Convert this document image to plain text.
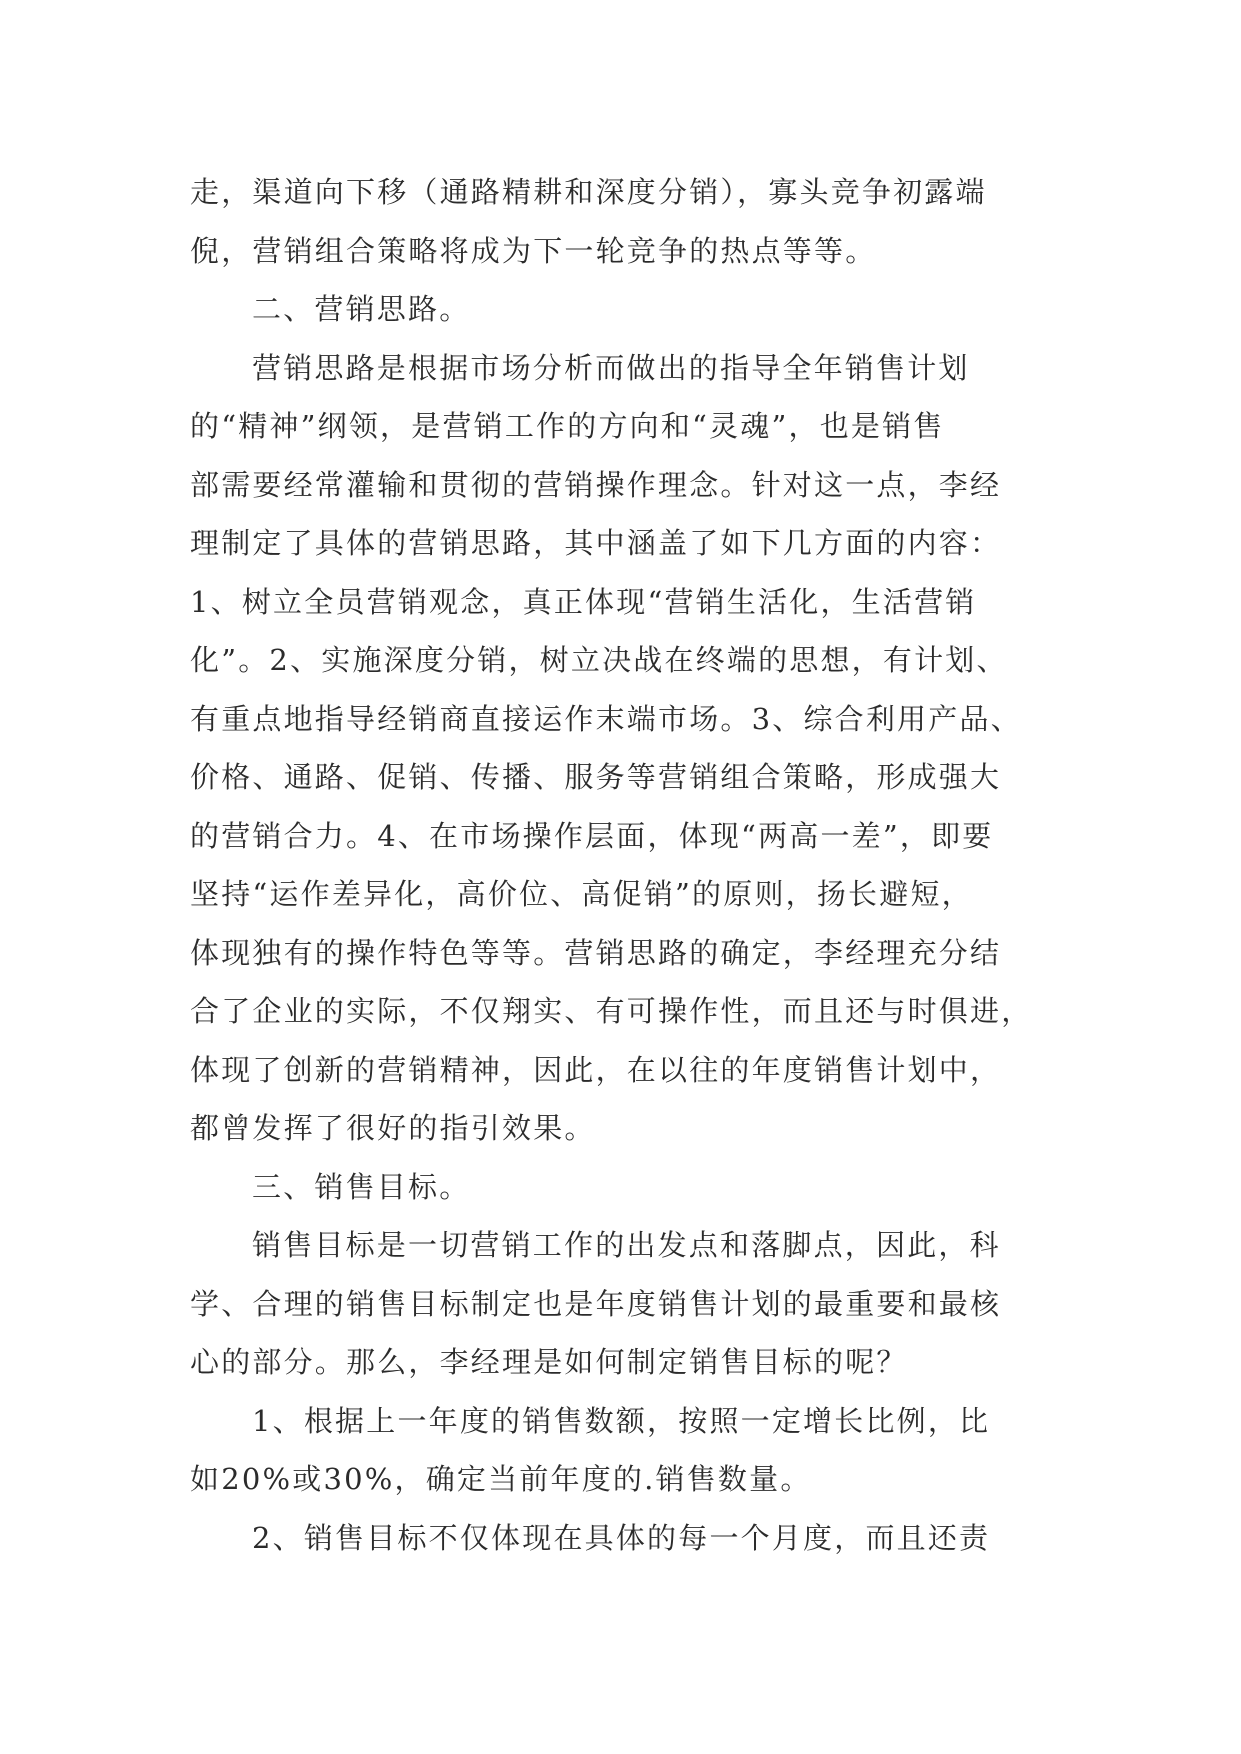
走，渠道向下移（通路精耕和深度分销），寡头竞争初露端
倪，营销组合策略将成为下一轮竞争的热点等等。
二、营销思路。
营销思路是根据市场分析而做出的指导全年销售计划
的“精神”纲领，是营销工作的方向和“灵魂”，也是销售
部需要经常灌输和贯彻的营销操作理念。针对这一点，李经
理制定了具体的营销思路，其中涵盖了如下几方面的内容：
1、树立全员营销观念，真正体现“营销生活化，生活营销
化”。2、实施深度分销，树立决战在终端的思想，有计划、
有重点地指导经销商直接运作末端市场。3、综合利用产品、
价格、通路、促销、传播、服务等营销组合策略，形成强大
的营销合力。4、在市场操作层面，体现“两高一差”，即要
坚持“运作差异化，高价位、高促销”的原则，扬长避短，
体现独有的操作特色等等。营销思路的确定，李经理充分结
合了企业的实际，不仅翔实、有可操作性，而且还与时俱进，
体现了创新的营销精神，因此，在以往的年度销售计划中，
都曾发挥了很好的指引效果。
三、销售目标。
销售目标是一切营销工作的出发点和落脚点，因此，科
学、合理的销售目标制定也是年度销售计划的最重要和最核
心的部分。那么，李经理是如何制定销售目标的呢？
1、根据上一年度的销售数额，按照一定增长比例，比
如20%或30%，确定当前年度的.销售数量。
2、销售目标不仅体现在具体的每一个月度，而且还责
